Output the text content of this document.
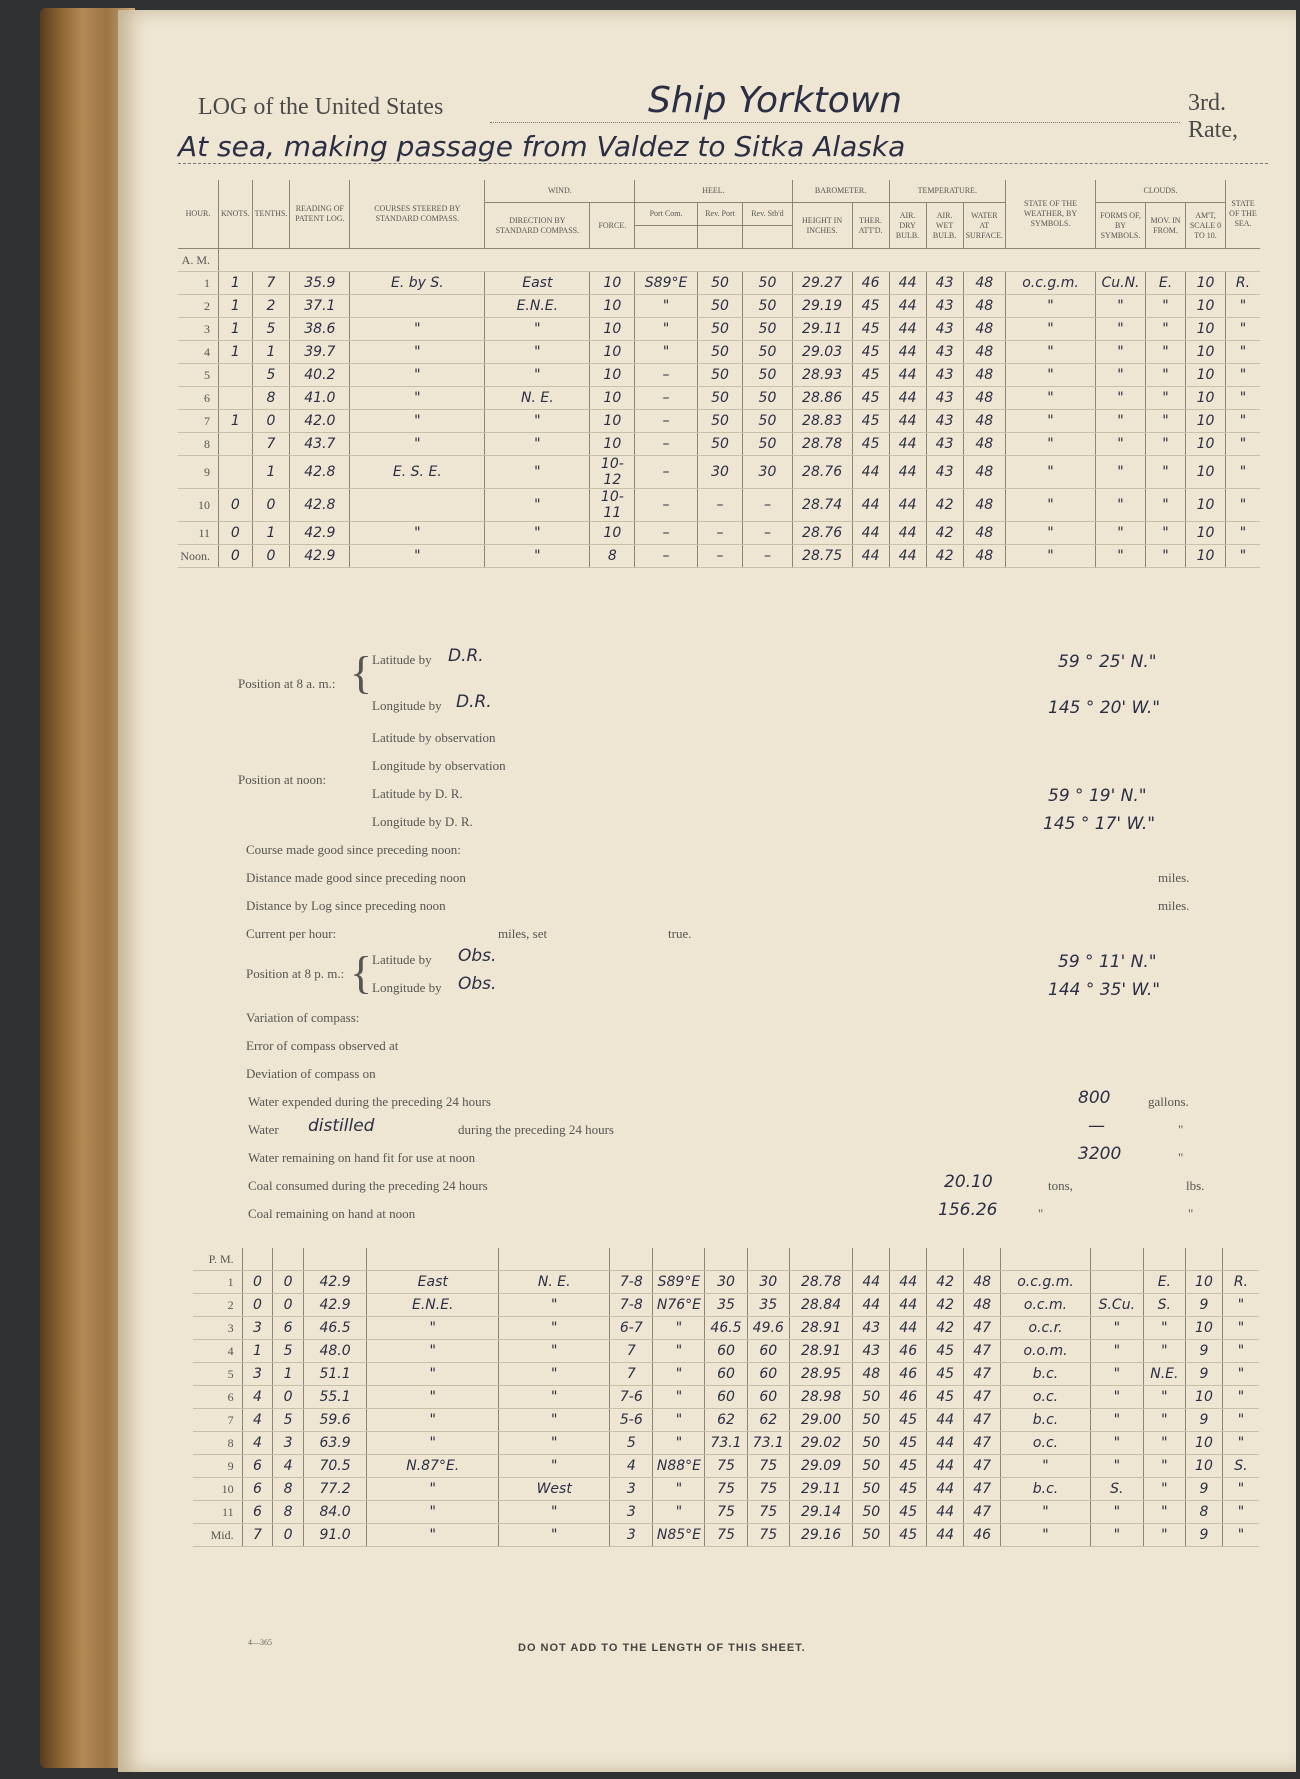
LOG of the United States	Ship Yorktown	3rd. Rate,
At sea, making passage from Valdez to Sitka Alaska
HOUR.	KNOTS.	TENTHS.	READING OF PATENT LOG.	COURSES STEERED BY STANDARD COMPASS.	WIND.		HEEL.			BAROMETER.		TEMPERATURE.			STATE OF THE WEATHER, BY SYMBOLS.	CLOUDS.			STATE OF THE SEA.
					DIRECTION BY STANDARD COMPASS.	FORCE.	Port Com.	Rev. Port	Rev. Stb'd	HEIGHT IN INCHES.	THER. ATT'D.	AIR. DRY BULB.	AIR. WET BULB.	WATER AT SURFACE.		FORMS OF, BY SYMBOLS.	MOV. IN FROM.	AM'T, SCALE 0 TO 10.	

A. M.																			
1	1	7	35.9	E. by S.	East	10	S89°E	50	50	29.27	46	44	43	48	o.c.g.m.	Cu.N.	E.	10	R.
2	1	2	37.1		E.N.E.	10	"	50	50	29.19	45	44	43	48	"	"	"	10	"
3	1	5	38.6	"	"	10	"	50	50	29.11	45	44	43	48	"	"	"	10	"
4	1	1	39.7	"	"	10	"	50	50	29.03	45	44	43	48	"	"	"	10	"
5		5	40.2	"	"	10	–	50	50	28.93	45	44	43	48	"	"	"	10	"
6		8	41.0	"	N. E.	10	–	50	50	28.86	45	44	43	48	"	"	"	10	"
7	1	0	42.0	"	"	10	–	50	50	28.83	45	44	43	48	"	"	"	10	"
8		7	43.7	"	"	10	–	50	50	28.78	45	44	43	48	"	"	"	10	"
9		1	42.8	E. S. E.	"	10-12	–	30	30	28.76	44	44	43	48	"	"	"	10	"
10	0	0	42.8		"	10-11	–	–	–	28.74	44	44	42	48	"	"	"	10	"
11	0	1	42.9	"	"	10	–	–	–	28.76	44	44	42	48	"	"	"	10	"
Noon.	0	0	42.9	"	"	8	–	–	–	28.75	44	44	42	48	"	"	"	10	"
{ Latitude by D.R.	59 ° 25' N."
Position at 8 a. m.:
Longitude by D.R.	145 ° 20' W."
Latitude by observation
Longitude by observation
Position at noon:
Latitude by D. R.	59 ° 19' N."
Longitude by D. R.	145 ° 17' W."
Course made good since preceding noon:
Distance made good since preceding noon	miles.
Distance by Log since preceding noon	miles.
Current per hour:	miles, set	true.
{ Latitude by Obs.	59 ° 11' N."
Position at 8 p. m.:
Longitude by Obs.	144 ° 35' W."
Variation of compass:
Error of compass observed at
Deviation of compass on
Water expended during the preceding 24 hours	800	gallons.
Water distilled	during the preceding 24 hours	—	"
Water remaining on hand fit for use at noon	3200	"
Coal consumed during the preceding 24 hours	20.10	tons,	lbs.
Coal remaining on hand at noon	156.26	"	"
P. M.																			
1	0	0	42.9	East	N. E.	7-8	S89°E	30	30	28.78	44	44	42	48	o.c.g.m.		E.	10	R.
2	0	0	42.9	E.N.E.	"	7-8	N76°E	35	35	28.84	44	44	42	48	o.c.m.	S.Cu.	S.	9	"
3	3	6	46.5	"	"	6-7	"	46.5	49.6	28.91	43	44	42	47	o.c.r.	"	"	10	"
4	1	5	48.0	"	"	7	"	60	60	28.91	43	46	45	47	o.o.m.	"	"	9	"
5	3	1	51.1	"	"	7	"	60	60	28.95	48	46	45	47	b.c.	"	N.E.	9	"
6	4	0	55.1	"	"	7-6	"	60	60	28.98	50	46	45	47	o.c.	"	"	10	"
7	4	5	59.6	"	"	5-6	"	62	62	29.00	50	45	44	47	b.c.	"	"	9	"
8	4	3	63.9	"	"	5	"	73.1	73.1	29.02	50	45	44	47	o.c.	"	"	10	"
9	6	4	70.5	N.87°E.	"	4	N88°E	75	75	29.09	50	45	44	47	"	"	"	10	S.
10	6	8	77.2	"	West	3	"	75	75	29.11	50	45	44	47	b.c.	S.	"	9	"
11	6	8	84.0	"	"	3	"	75	75	29.14	50	45	44	47	"	"	"	8	"
Mid.	7	0	91.0	"	"	3	N85°E	75	75	29.16	50	45	44	46	"	"	"	9	"
4—365	DO NOT ADD TO THE LENGTH OF THIS SHEET.
